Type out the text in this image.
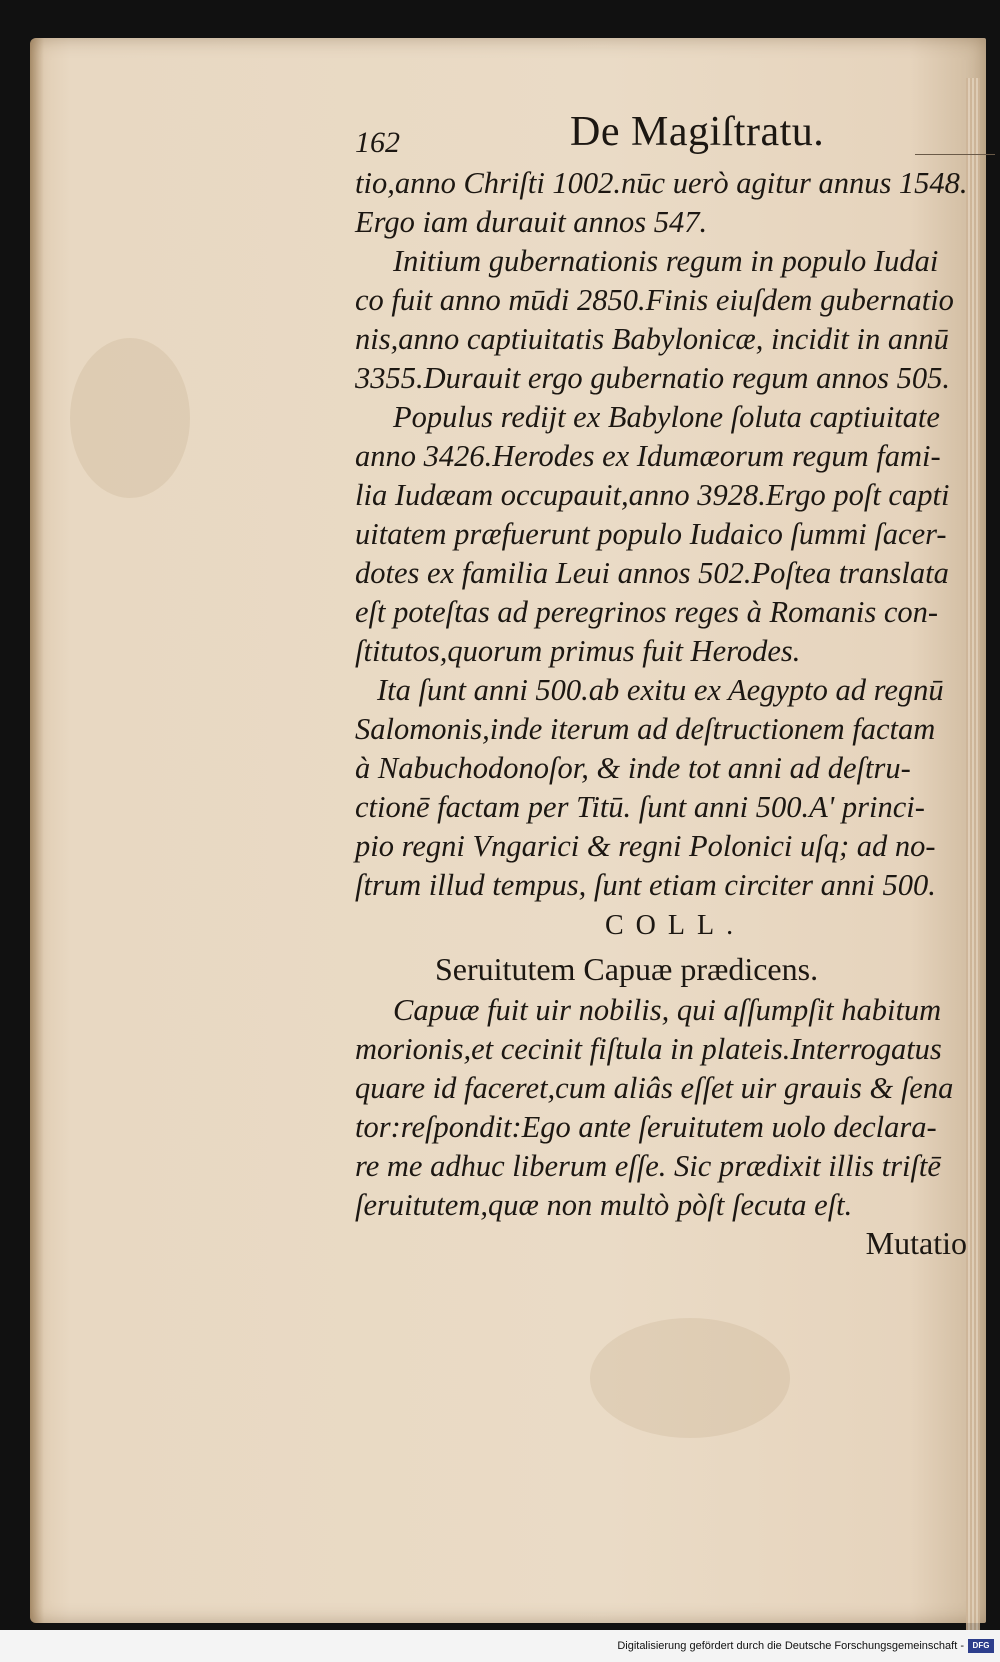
162	De Magiſtratu.
tio,anno Chriſti 1002.nūc uerò agitur annus 1548.
Ergo iam durauit annos 547.
Initium gubernationis regum in populo Iudai
co fuit anno mūdi 2850.Finis eiuſdem gubernatio
nis,anno captiuitatis Babylonicæ, incidit in annū
3355.Durauit ergo gubernatio regum annos 505.
Populus rediјt ex Babylone ſoluta captiuitate
anno 3426.Herodes ex Idumæorum regum fami-
lia Iudæam occupauit,anno 3928.Ergo poſt capti
uitatem præfuerunt populo Iudaico ſummi ſacer-
dotes ex familia Leui annos 502.Poſtea translata
eſt poteſtas ad peregrinos reges à Romanis con-
ſtitutos,quorum primus fuit Herodes.
Ita ſunt anni 500.ab exitu ex Aegypto ad regnū
Salomonis,inde iterum ad deſtructionem factam
à Nabuchodonoſor, & inde tot anni ad deſtru-
ctionē factam per Titū. ſunt anni 500.A' princi-
pio regni Vngarici & regni Polonici uſq; ad no-
ſtrum illud tempus, ſunt etiam circiter anni 500.
COLL.
Seruitutem Capuæ prædicens.
Capuæ fuit uir nobilis, qui aſſumpſit habitum
morionis,et cecinit fiſtula in plateis.Interrogatus
quare id faceret,cum aliâs eſſet uir grauis & ſena
tor:reſpondit:Ego ante ſeruitutem uolo declara-
re me adhuc liberum eſſe. Sic prædixit illis triſtē
ſeruitutem,quæ non multò pòſt ſecuta eſt.
Mutatio
Digitalisierung gefördert durch die Deutsche Forschungsgemeinschaft -	DFG
